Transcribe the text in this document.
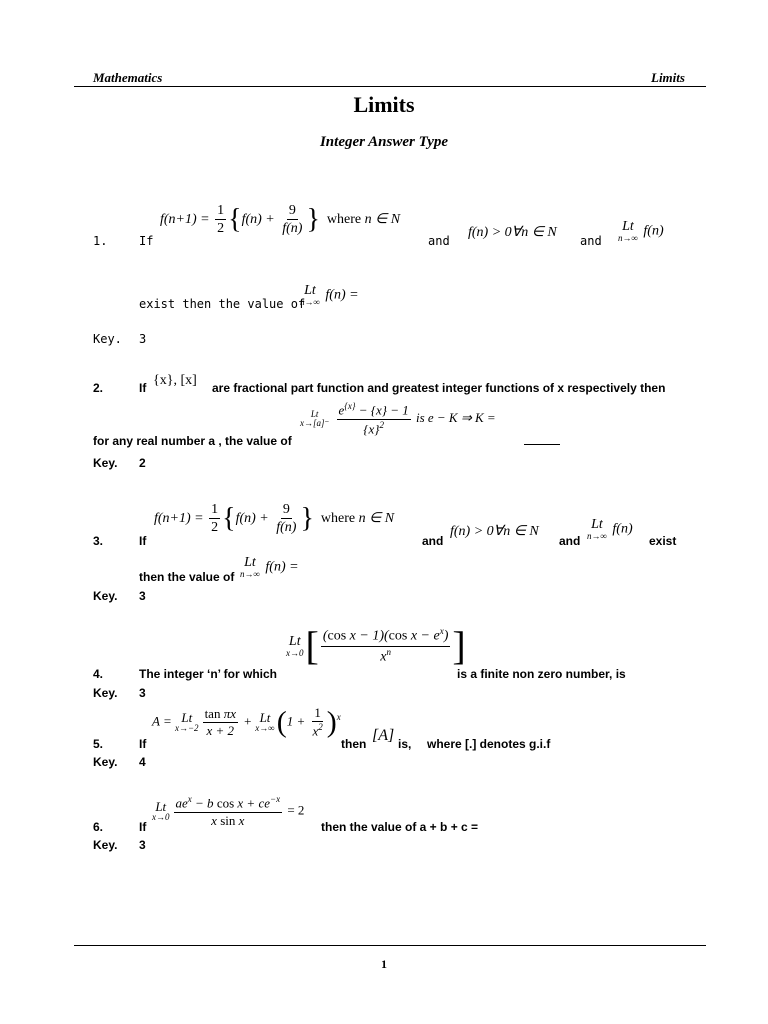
Mathematics	Limits
Limits
Integer Answer Type
$f(n+1) = \frac{1}{2} \{f(n) + \frac{9}{f(n)}$ } where n ∈ N
1.	If	and
f(n) > 0∀n ∈ N
and
Lt
n→∞ f(n)
Lt
n→∞ f(n) =
exist then the value of
Key. 3
2.	If {x}, [x] are fractional part function and greatest integer functions of x respectively then
Lt
x→[a]⁻
$\frac{e^{\{x\}} - \{x\} - 1}{\{x\}^2}$ is e − K ⇒ K =
for any real number a , the value of
Key. 2
$f(n+1) = \frac{1}{2} \{f(n) + \frac{9}{f(n)}$ } where n ∈ N
3.	If	and
f(n) > 0∀n ∈ N
and
Lt
n→∞ f(n)
exist
Lt
n→∞ f(n) =
then the value of
Key. 3
Lt
x→0 [ $\frac{(\cos x - 1)(\cos x - e^x)}{x^n}$ ]
4.	The integer ‘n’ for which	is a finite non zero number, is
Key. 3
A = Lt
$x\to-2 \frac{\text{tan πx}}{x + 2} + Lt$
x→∞ $(1 + \frac{1}{x^2} )^x$
5.	If	then [A] is, where [.] denotes g.i.f
Key. 4
Lt
$x\to 0 \frac{ae^x - b \cos x + ce^{-x}}{\text{x sin x}} = 2$
6.	If	then the value of a + b + c =
Key. 3
1
